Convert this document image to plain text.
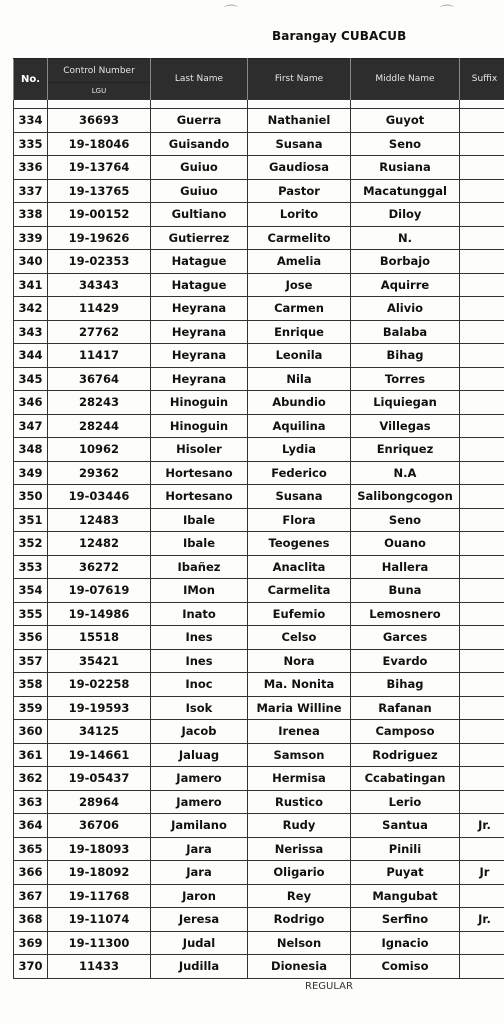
⌒	⌒
Barangay CUBACUB
No.	Control Number	Last Name	First Name	Middle Name	Suffix
	LGU				

334	36693	Guerra	Nathaniel	Guyot	
335	19-18046	Guisando	Susana	Seno	
336	19-13764	Guiuo	Gaudiosa	Rusiana	
337	19-13765	Guiuo	Pastor	Macatunggal	
338	19-00152	Gultiano	Lorito	Diloy	
339	19-19626	Gutierrez	Carmelito	N.	
340	19-02353	Hatague	Amelia	Borbajo	
341	34343	Hatague	Jose	Aquirre	
342	11429	Heyrana	Carmen	Alivio	
343	27762	Heyrana	Enrique	Balaba	
344	11417	Heyrana	Leonila	Bihag	
345	36764	Heyrana	Nila	Torres	
346	28243	Hinoguin	Abundio	Liquiegan	
347	28244	Hinoguin	Aquilina	Villegas	
348	10962	Hisoler	Lydia	Enriquez	
349	29362	Hortesano	Federico	N.A	
350	19-03446	Hortesano	Susana	Salibongcogon	
351	12483	Ibale	Flora	Seno	
352	12482	Ibale	Teogenes	Ouano	
353	36272	Ibañez	Anaclita	Hallera	
354	19-07619	IMon	Carmelita	Buna	
355	19-14986	Inato	Eufemio	Lemosnero	
356	15518	Ines	Celso	Garces	
357	35421	Ines	Nora	Evardo	
358	19-02258	Inoc	Ma. Nonita	Bihag	
359	19-19593	Isok	Maria Willine	Rafanan	
360	34125	Jacob	Irenea	Camposo	
361	19-14661	Jaluag	Samson	Rodriguez	
362	19-05437	Jamero	Hermisa	Ccabatingan	
363	28964	Jamero	Rustico	Lerio	
364	36706	Jamilano	Rudy	Santua	Jr.
365	19-18093	Jara	Nerissa	Pinili	
366	19-18092	Jara	Oligario	Puyat	Jr
367	19-11768	Jaron	Rey	Mangubat	
368	19-11074	Jeresa	Rodrigo	Serfino	Jr.
369	19-11300	Judal	Nelson	Ignacio	
370	11433	Judilla	Dionesia	Comiso	
REGULAR
